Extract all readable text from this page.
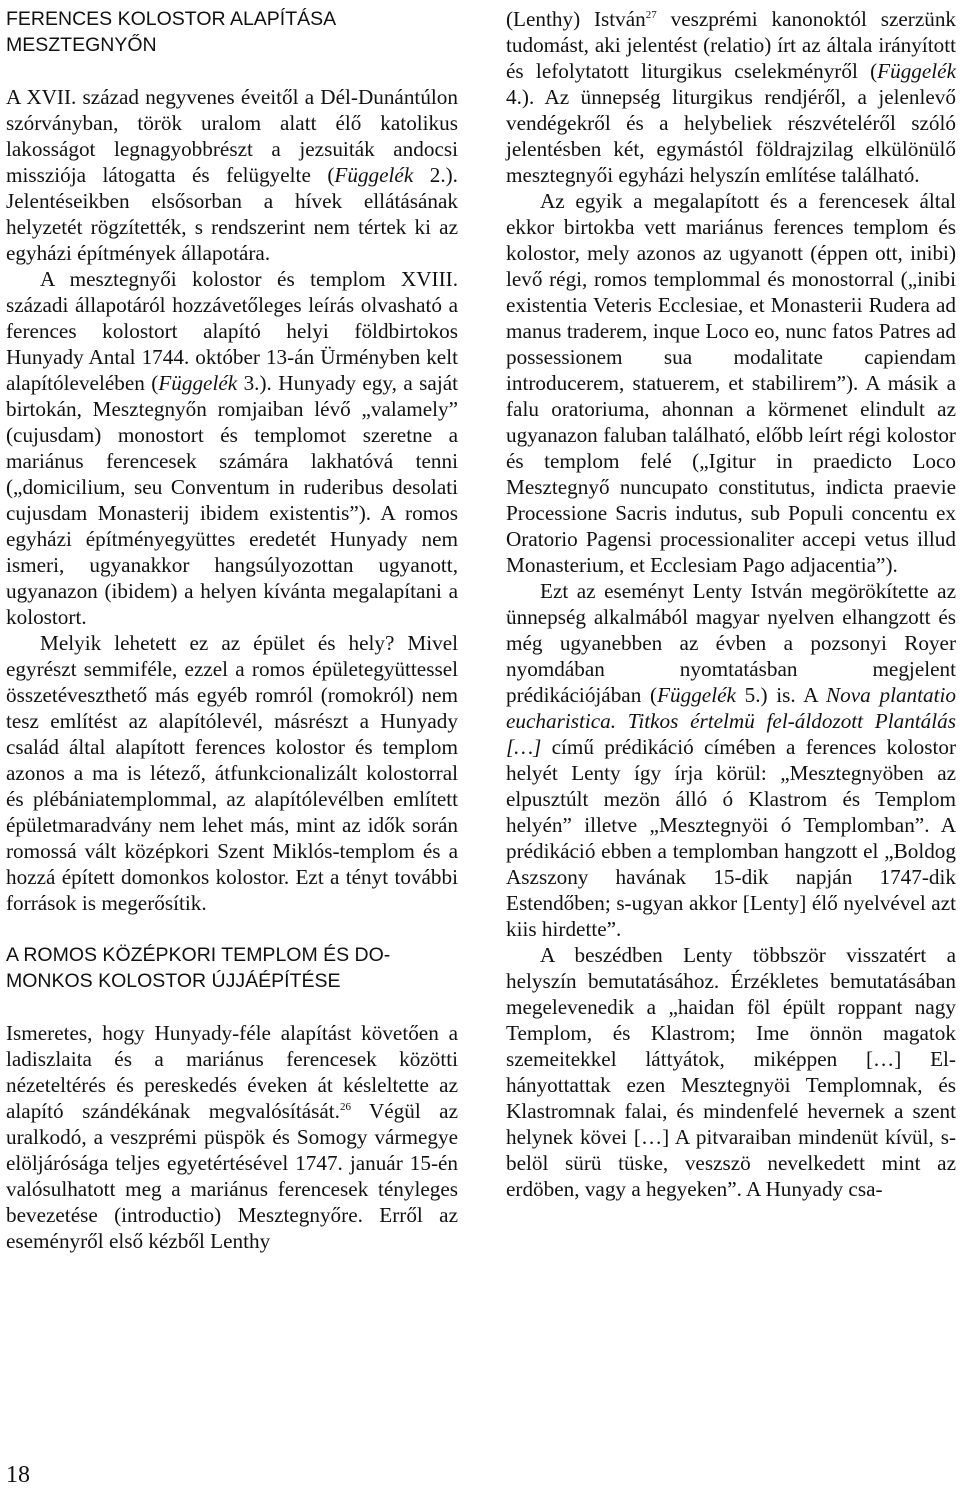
FERENCES KOLOSTOR ALAPÍTÁSA
MESZTEGNYŐN

A XVII. század negyvenes éveitől a Dél-Dunántúlon szórványban, török uralom alatt élő katolikus lakosságot legnagyobbrészt a jezsuiták andocsi missziója látogatta és felügyelte (Függelék 2.). Jelentéseikben elsősorban a hívek ellátásának helyzetét rögzítették, s rendszerint nem tértek ki az egyházi építmények állapotára.

A mesztegnyői kolostor és templom XVIII. századi állapotáról hozzávetőleges leírás olvasható a ferences kolostort alapító helyi földbirtokos Hunyady Antal 1744. október 13-án Ürményben kelt alapítólevelében (Függelék 3.). Hunyady egy, a saját birtokán, Mesztegnyőn romjaiban lévő „valamely” (cujusdam) monostort és templomot szeretne a mariánus ferencesek számára lakhatóvá tenni („domicilium, seu Conventum in ruderibus desolati cujusdam Monasterij ibidem existentis”). A romos egyházi építményegyüttes eredetét Hunyady nem ismeri, ugyanakkor hangsúlyozottan ugyanott, ugyanazon (ibidem) a helyen kívánta megalapítani a kolostort.

Melyik lehetett ez az épület és hely? Mivel egyrészt semmiféle, ezzel a romos épületegyüttessel összetéveszthető más egyéb romról (romokról) nem tesz említést az alapítólevél, másrészt a Hunyady család által alapított ferences kolostor és templom azonos a ma is létező, átfunkcionalizált kolostorral és plébániatemplommal, az alapítólevélben említett épületmaradvány nem lehet más, mint az idők során romossá vált középkori Szent Miklós-templom és a hozzá épített domonkos kolostor. Ezt a tényt további források is megerősítik.

A ROMOS KÖZÉPKORI TEMPLOM ÉS DO-
MONKOS KOLOSTOR ÚJJÁÉPÍTÉSE

Ismeretes, hogy Hunyady-féle alapítást követően a ladiszlaita és a mariánus ferencesek közötti nézeteltérés és pereskedés éveken át késleltette az alapító szándékának megvalósítását.$^{26}$ Végül az uralkodó, a veszprémi püspök és Somogy vármegye elöljárósága teljes egyetértésével 1747. január 15-én valósulhatott meg a mariánus ferencesek tényleges bevezetése (introductio) Mesztegnyőre. Erről az eseményről első kézből Lenthy

(Lenthy) István$^{27}$ veszprémi kanonoktól szerzünk tudomást, aki jelentést (relatio) írt az általa irányított és lefolytatott liturgikus cselekményről (Függelék 4.). Az ünnepség liturgikus rendjéről, a jelenlevő vendégekről és a helybeliek részvételéről szóló jelentésben két, egymástól földrajzilag elkülönülő mesztegnyői egyházi helyszín említése található.

Az egyik a megalapított és a ferencesek által ekkor birtokba vett mariánus ferences templom és kolostor, mely azonos az ugyanott (éppen ott, inibi) levő régi, romos templommal és monostorral („inibi existentia Veteris Ecclesiae, et Monasterii Rudera ad manus traderem, inque Loco eo, nunc fatos Patres ad possessionem sua modalitate capiendam introducerem, statuerem, et stabilirem”). A másik a falu oratoriuma, ahonnan a körmenet elindult az ugyanazon faluban található, előbb leírt régi kolostor és templom felé („Igitur in praedicto Loco Mesztegnyő nuncupato constitutus, indicta praevie Processione Sacris indutus, sub Populi concentu ex Oratorio Pagensi processionaliter accepi vetus illud Monasterium, et Ecclesiam Pago adjacentia”).

Ezt az eseményt Lenty István megörökítette az ünnepség alkalmából magyar nyelven elhangzott és még ugyanebben az évben a pozsonyi Royer nyomdában nyomtatásban megjelent prédikációjában (Függelék 5.) is. A Nova plantatio eucharistica. Titkos értelmü fel-áldozott Plantálás […] című prédikáció címében a ferences kolostor helyét Lenty így írja körül: „Mesztegnyöben az elpusztúlt mezön álló ó Klastrom és Templom helyén” illetve „Mesztegnyöi ó Templomban”. A prédikáció ebben a templomban hangzott el „Boldog Aszszony havának 15-dik napján 1747-dik Estendőben; s-ugyan akkor [Lenty] élő nyelvével azt kiis hirdette”.

A beszédben Lenty többször visszatért a helyszín bemutatásához. Érzékletes bemutatásában megelevenedik a „haidan föl épült roppant nagy Templom, és Klastrom; Ime önnön magatok szemeitekkel láttyátok, miképpen […] El-hányottattak ezen Mesztegnyöi Templomnak, és Klastromnak falai, és mindenfelé hevernek a szent helynek kövei […] A pitvaraiban mindenüt kívül, s-belöl sürü tüske, veszszö nevelkedett mint az erdöben, vagy a hegyeken”. A Hunyady csa-

18
